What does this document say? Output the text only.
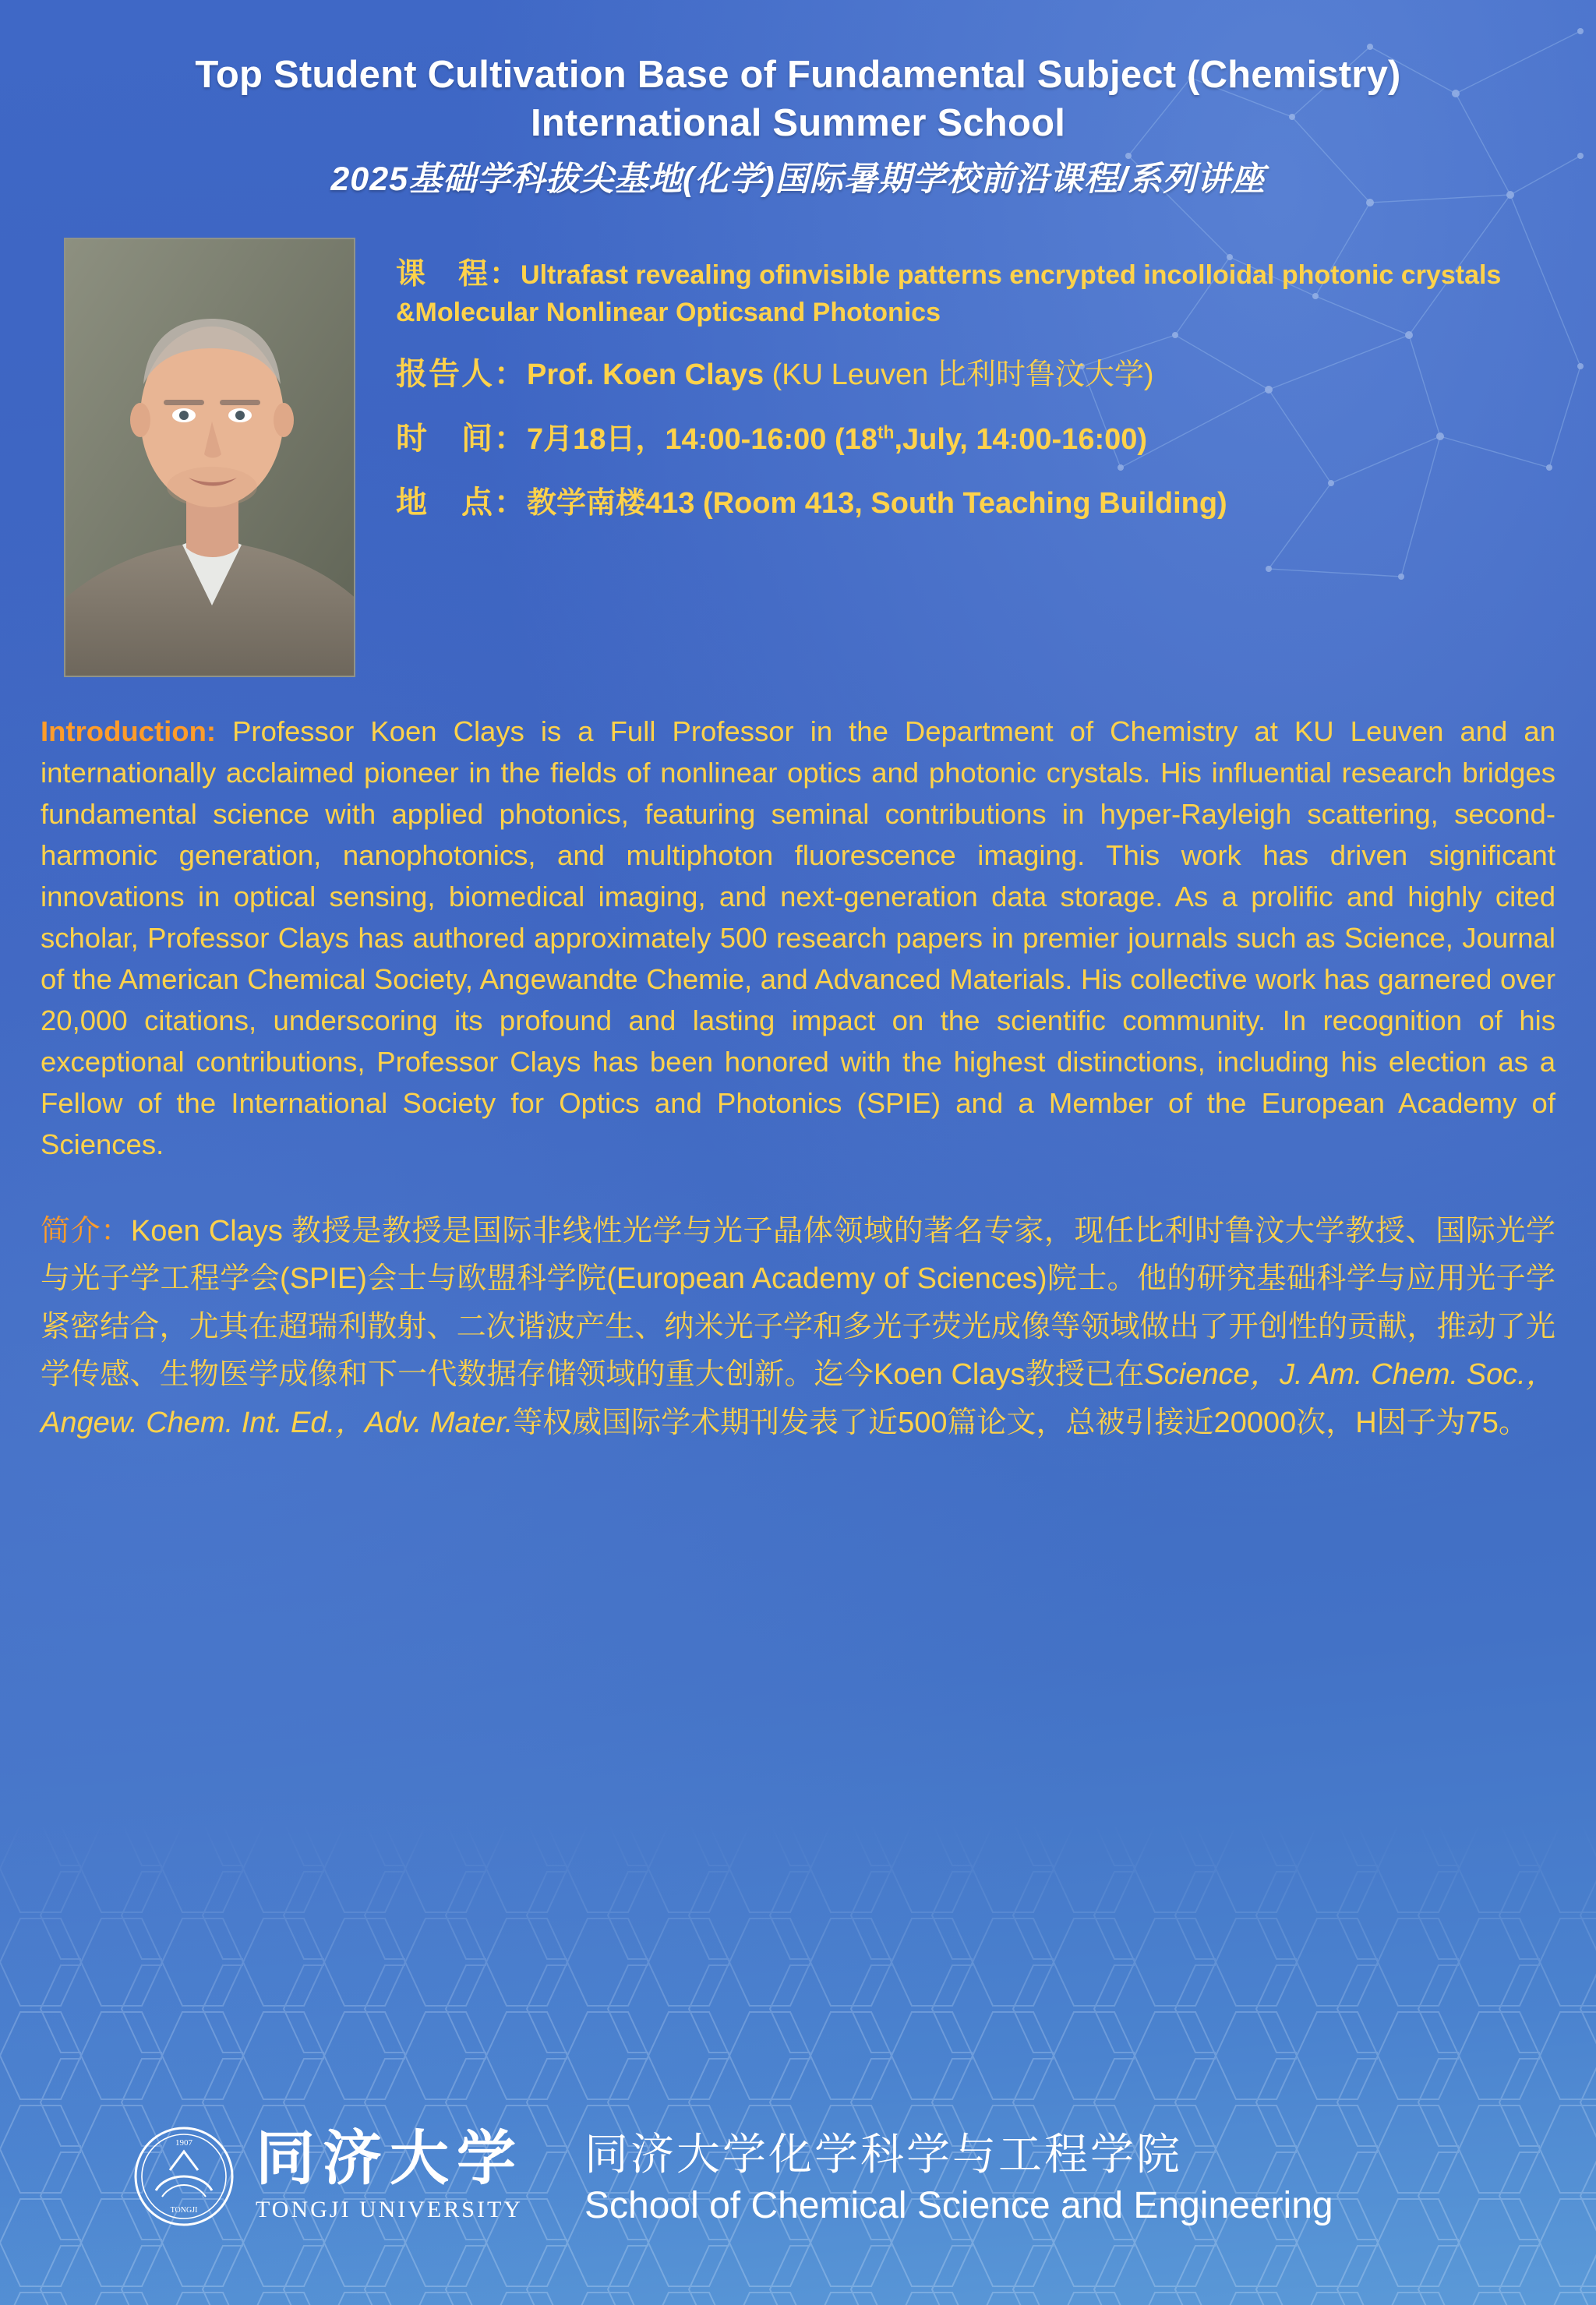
Top Student Cultivation Base of Fundamental Subject (Chemistry)
International Summer School
2025基础学科拔尖基地(化学)国际暑期学校前沿课程/系列讲座
课　程：Ultrafast revealing ofinvisible patterns encrypted incolloidal photonic crystals &Molecular Nonlinear Opticsand Photonics
报告人：Prof. Koen Clays (KU Leuven 比利时鲁汶大学)
时　间：7月18日，14:00-16:00 (18th,July, 14:00-16:00)
地　点：教学南楼413 (Room 413, South Teaching Building)
Introduction: Professor Koen Clays is a Full Professor in the Department of Chemistry at KU Leuven and an internationally acclaimed pioneer in the fields of nonlinear optics and photonic crystals. His influential research bridges fundamental science with applied photonics, featuring seminal contributions in hyper-Rayleigh scattering, second-harmonic generation, nanophotonics, and multiphoton fluorescence imaging. This work has driven significant innovations in optical sensing, biomedical imaging, and next-generation data storage. As a prolific and highly cited scholar, Professor Clays has authored approximately 500 research papers in premier journals such as Science, Journal of the American Chemical Society, Angewandte Chemie, and Advanced Materials. His collective work has garnered over 20,000 citations, underscoring its profound and lasting impact on the scientific community. In recognition of his exceptional contributions, Professor Clays has been honored with the highest distinctions, including his election as a Fellow of the International Society for Optics and Photonics (SPIE) and a Member of the European Academy of Sciences.
简介：Koen Clays 教授是教授是国际非线性光学与光子晶体领域的著名专家，现任比利时鲁汶大学教授、国际光学与光子学工程学会(SPIE)会士与欧盟科学院(European Academy of Sciences)院士。他的研究基础科学与应用光子学紧密结合，尤其在超瑞利散射、二次谐波产生、纳米光子学和多光子荧光成像等领域做出了开创性的贡献，推动了光学传感、生物医学成像和下一代数据存储领域的重大创新。迄今Koen Clays教授已在Science，J. Am. Chem. Soc.，Angew. Chem. Int. Ed.，Adv. Mater.等权威国际学术期刊发表了近500篇论文，总被引接近20000次，H因子为75。
1907
TONGJI
同济大学
TONGJI UNIVERSITY
同济大学化学科学与工程学院
School of Chemical Science and Engineering
